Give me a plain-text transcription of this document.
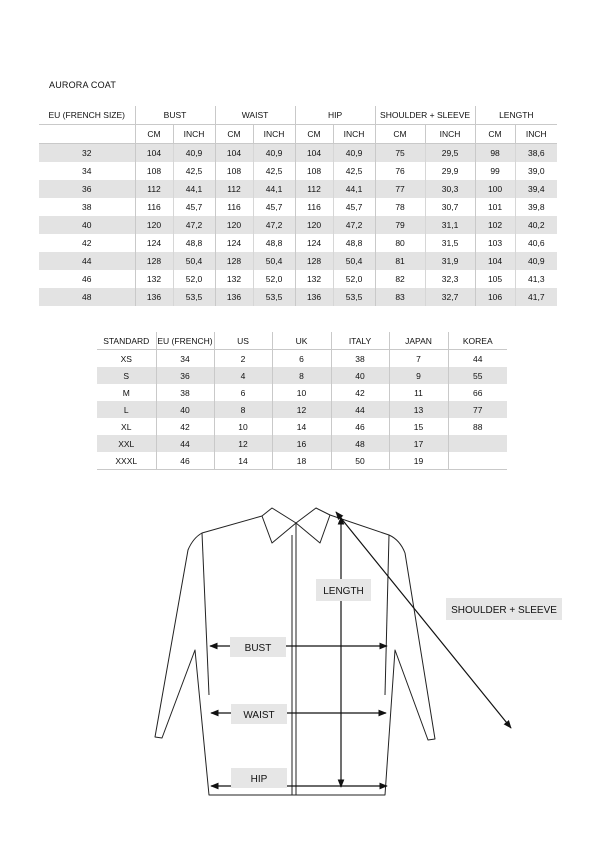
AURORA COAT
EU (FRENCH SIZE)	BUST		WAIST		HIP		SHOULDER + SLEEVE		LENGTH	
	CM	INCH	CM	INCH	CM	INCH	CM	INCH	CM	INCH
32	104	40,9	104	40,9	104	40,9	75	29,5	98	38,6
34	108	42,5	108	42,5	108	42,5	76	29,9	99	39,0
36	112	44,1	112	44,1	112	44,1	77	30,3	100	39,4
38	116	45,7	116	45,7	116	45,7	78	30,7	101	39,8
40	120	47,2	120	47,2	120	47,2	79	31,1	102	40,2
42	124	48,8	124	48,8	124	48,8	80	31,5	103	40,6
44	128	50,4	128	50,4	128	50,4	81	31,9	104	40,9
46	132	52,0	132	52,0	132	52,0	82	32,3	105	41,3
48	136	53,5	136	53,5	136	53,5	83	32,7	106	41,7
STANDARD	EU (FRENCH)	US	UK	ITALY	JAPAN	KOREA
XS	34	2	6	38	7	44
S	36	4	8	40	9	55
M	38	6	10	42	11	66
L	40	8	12	44	13	77
XL	42	10	14	46	15	88
XXL	44	12	16	48	17	
XXXL	46	14	18	50	19	
LENGTH
SHOULDER + SLEEVE
BUST
WAIST
HIP
